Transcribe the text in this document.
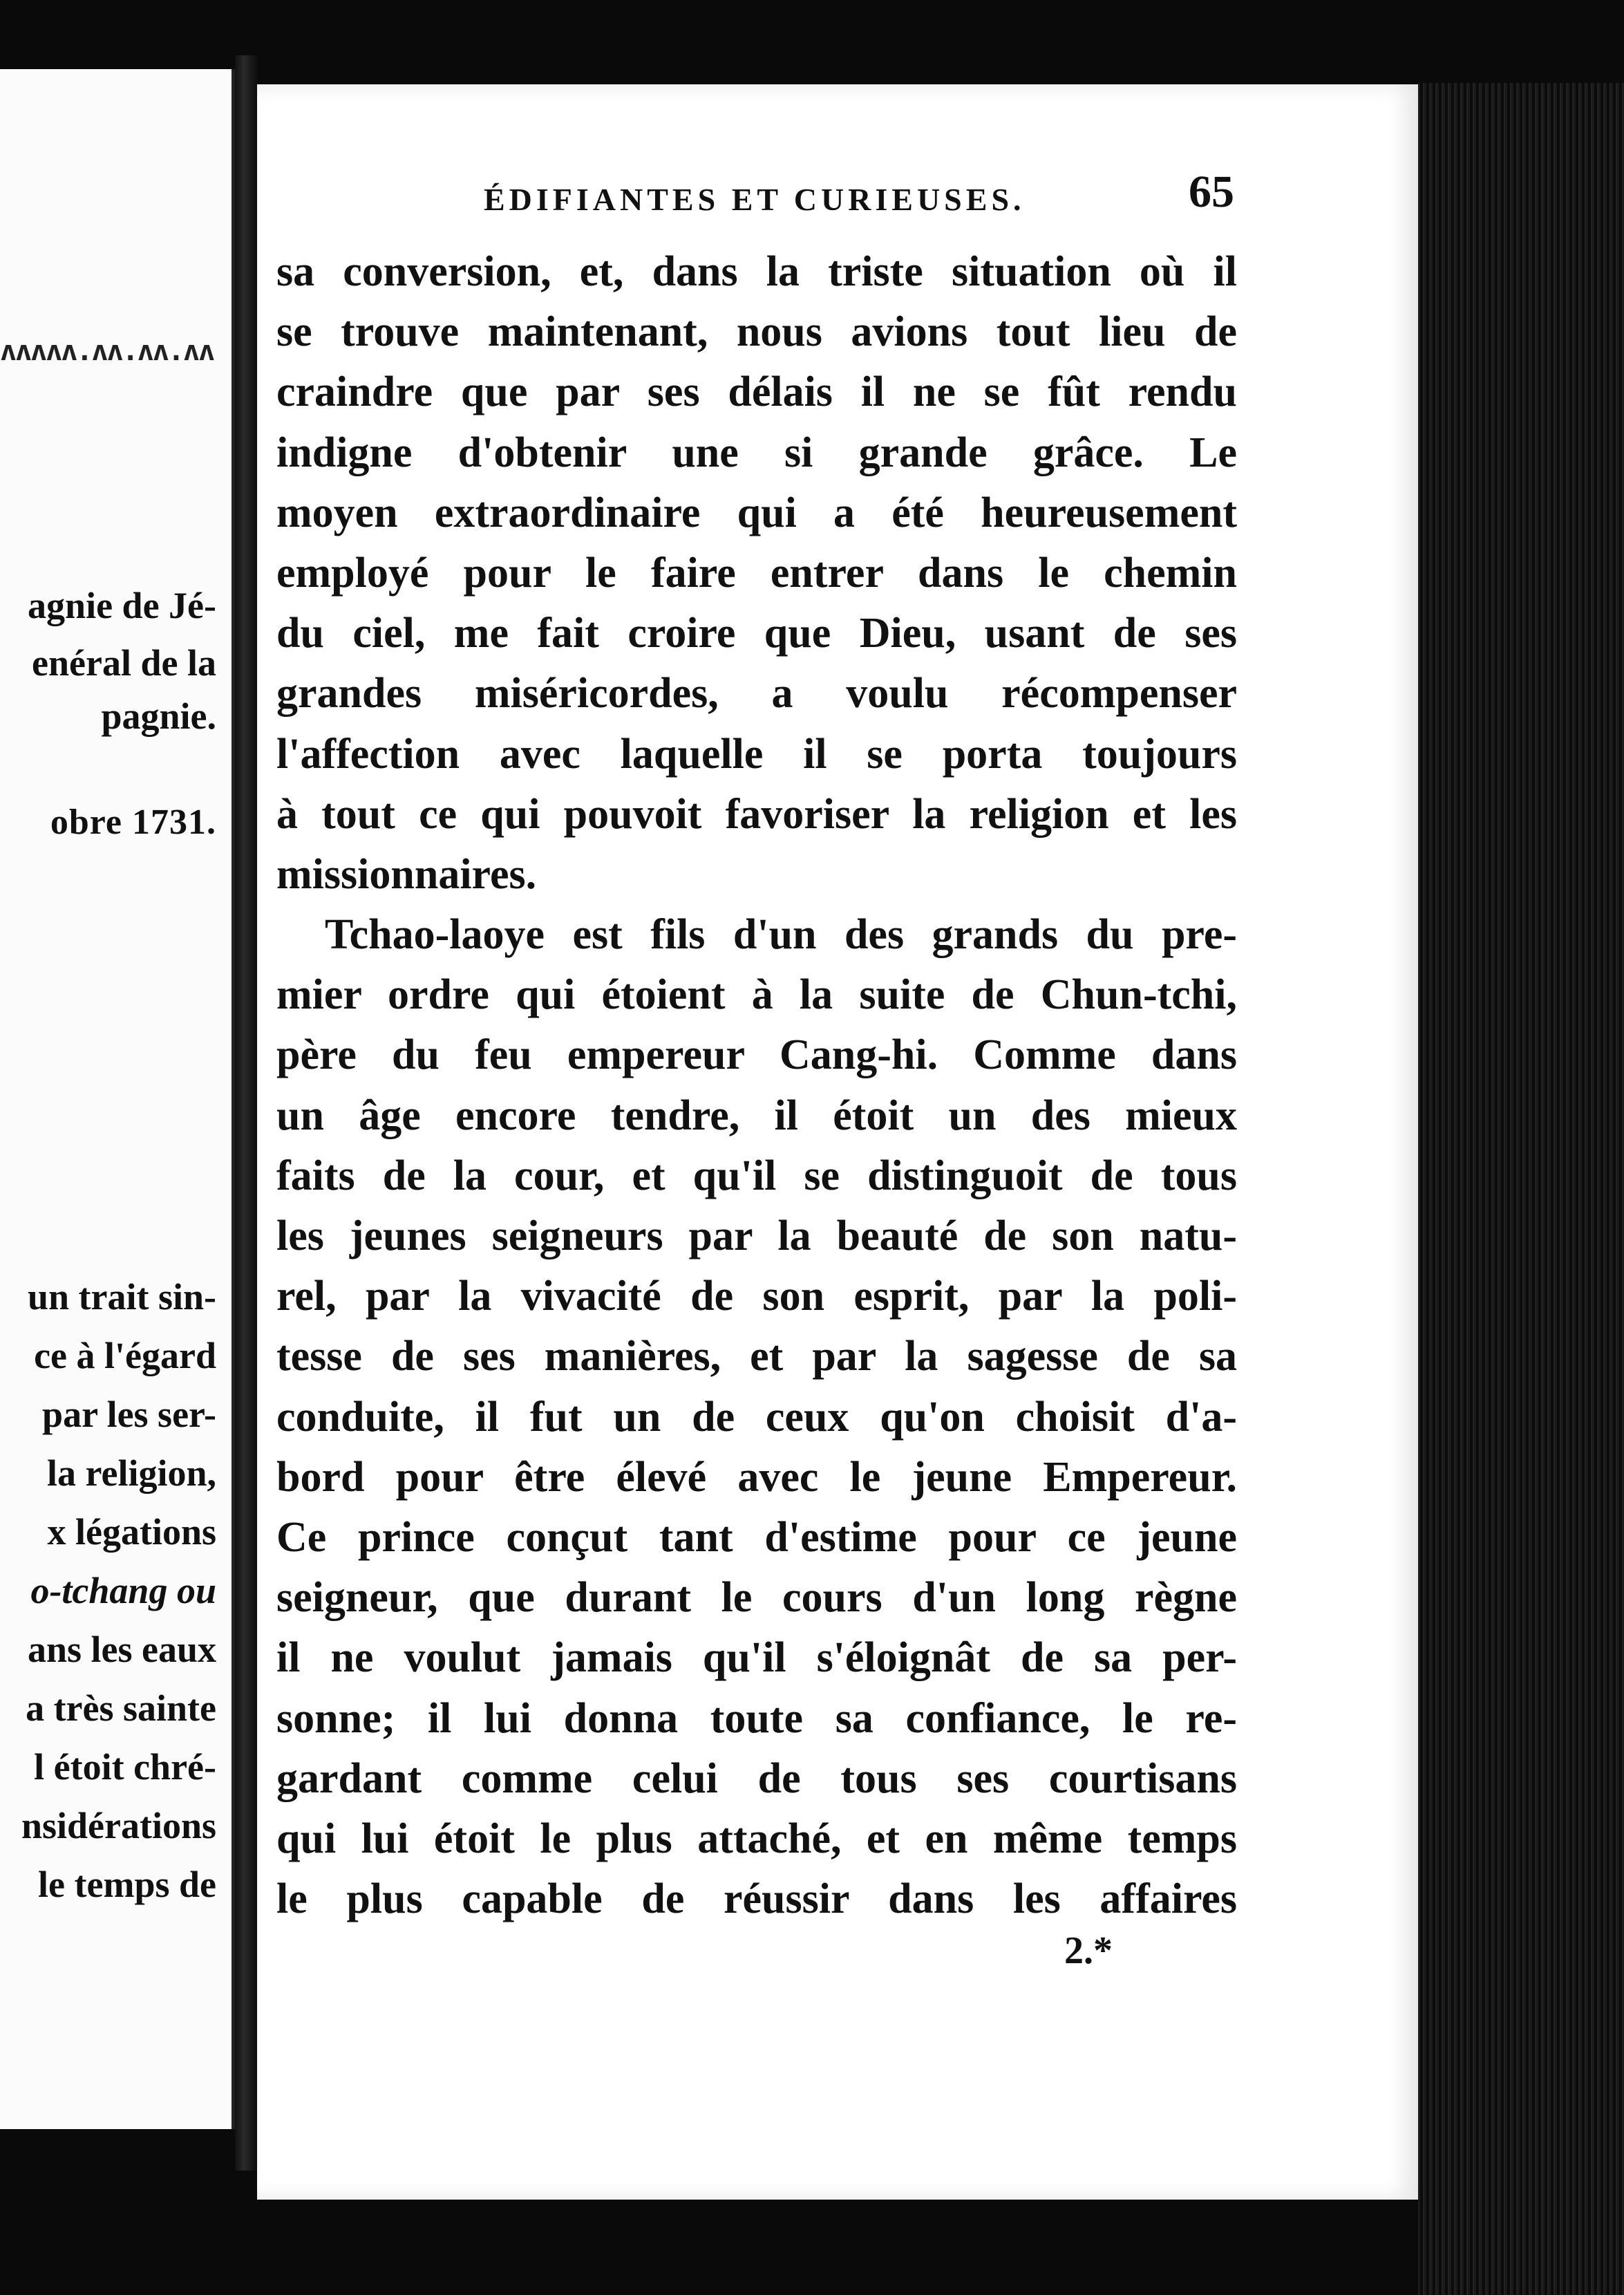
ʌʌʌʌʌ.ʌʌ.ʌʌ.ʌʌ
agnie de Jé-
enéral de la
pagnie.
obre 1731.
un trait sin-
ce à l'égard
par les ser-
la religion,
x légations
o-tchang ou
ans les eaux
a très sainte
l étoit chré-
nsidérations
le temps de
ÉDIFIANTES ET CURIEUSES.	65
sa conversion, et, dans la triste situation où il
se trouve maintenant, nous avions tout lieu de
craindre que par ses délais il ne se fût rendu
indigne d'obtenir une si grande grâce. Le
moyen extraordinaire qui a été heureusement
employé pour le faire entrer dans le chemin
du ciel, me fait croire que Dieu, usant de ses
grandes miséricordes, a voulu récompenser
l'affection avec laquelle il se porta toujours
à tout ce qui pouvoit favoriser la religion et les
missionnaires.
Tchao-laoye est fils d'un des grands du pre-
mier ordre qui étoient à la suite de Chun-tchi,
père du feu empereur Cang-hi. Comme dans
un âge encore tendre, il étoit un des mieux
faits de la cour, et qu'il se distinguoit de tous
les jeunes seigneurs par la beauté de son natu-
rel, par la vivacité de son esprit, par la poli-
tesse de ses manières, et par la sagesse de sa
conduite, il fut un de ceux qu'on choisit d'a-
bord pour être élevé avec le jeune Empereur.
Ce prince conçut tant d'estime pour ce jeune
seigneur, que durant le cours d'un long règne
il ne voulut jamais qu'il s'éloignât de sa per-
sonne; il lui donna toute sa confiance, le re-
gardant comme celui de tous ses courtisans
qui lui étoit le plus attaché, et en même temps
le plus capable de réussir dans les affaires
2.*
